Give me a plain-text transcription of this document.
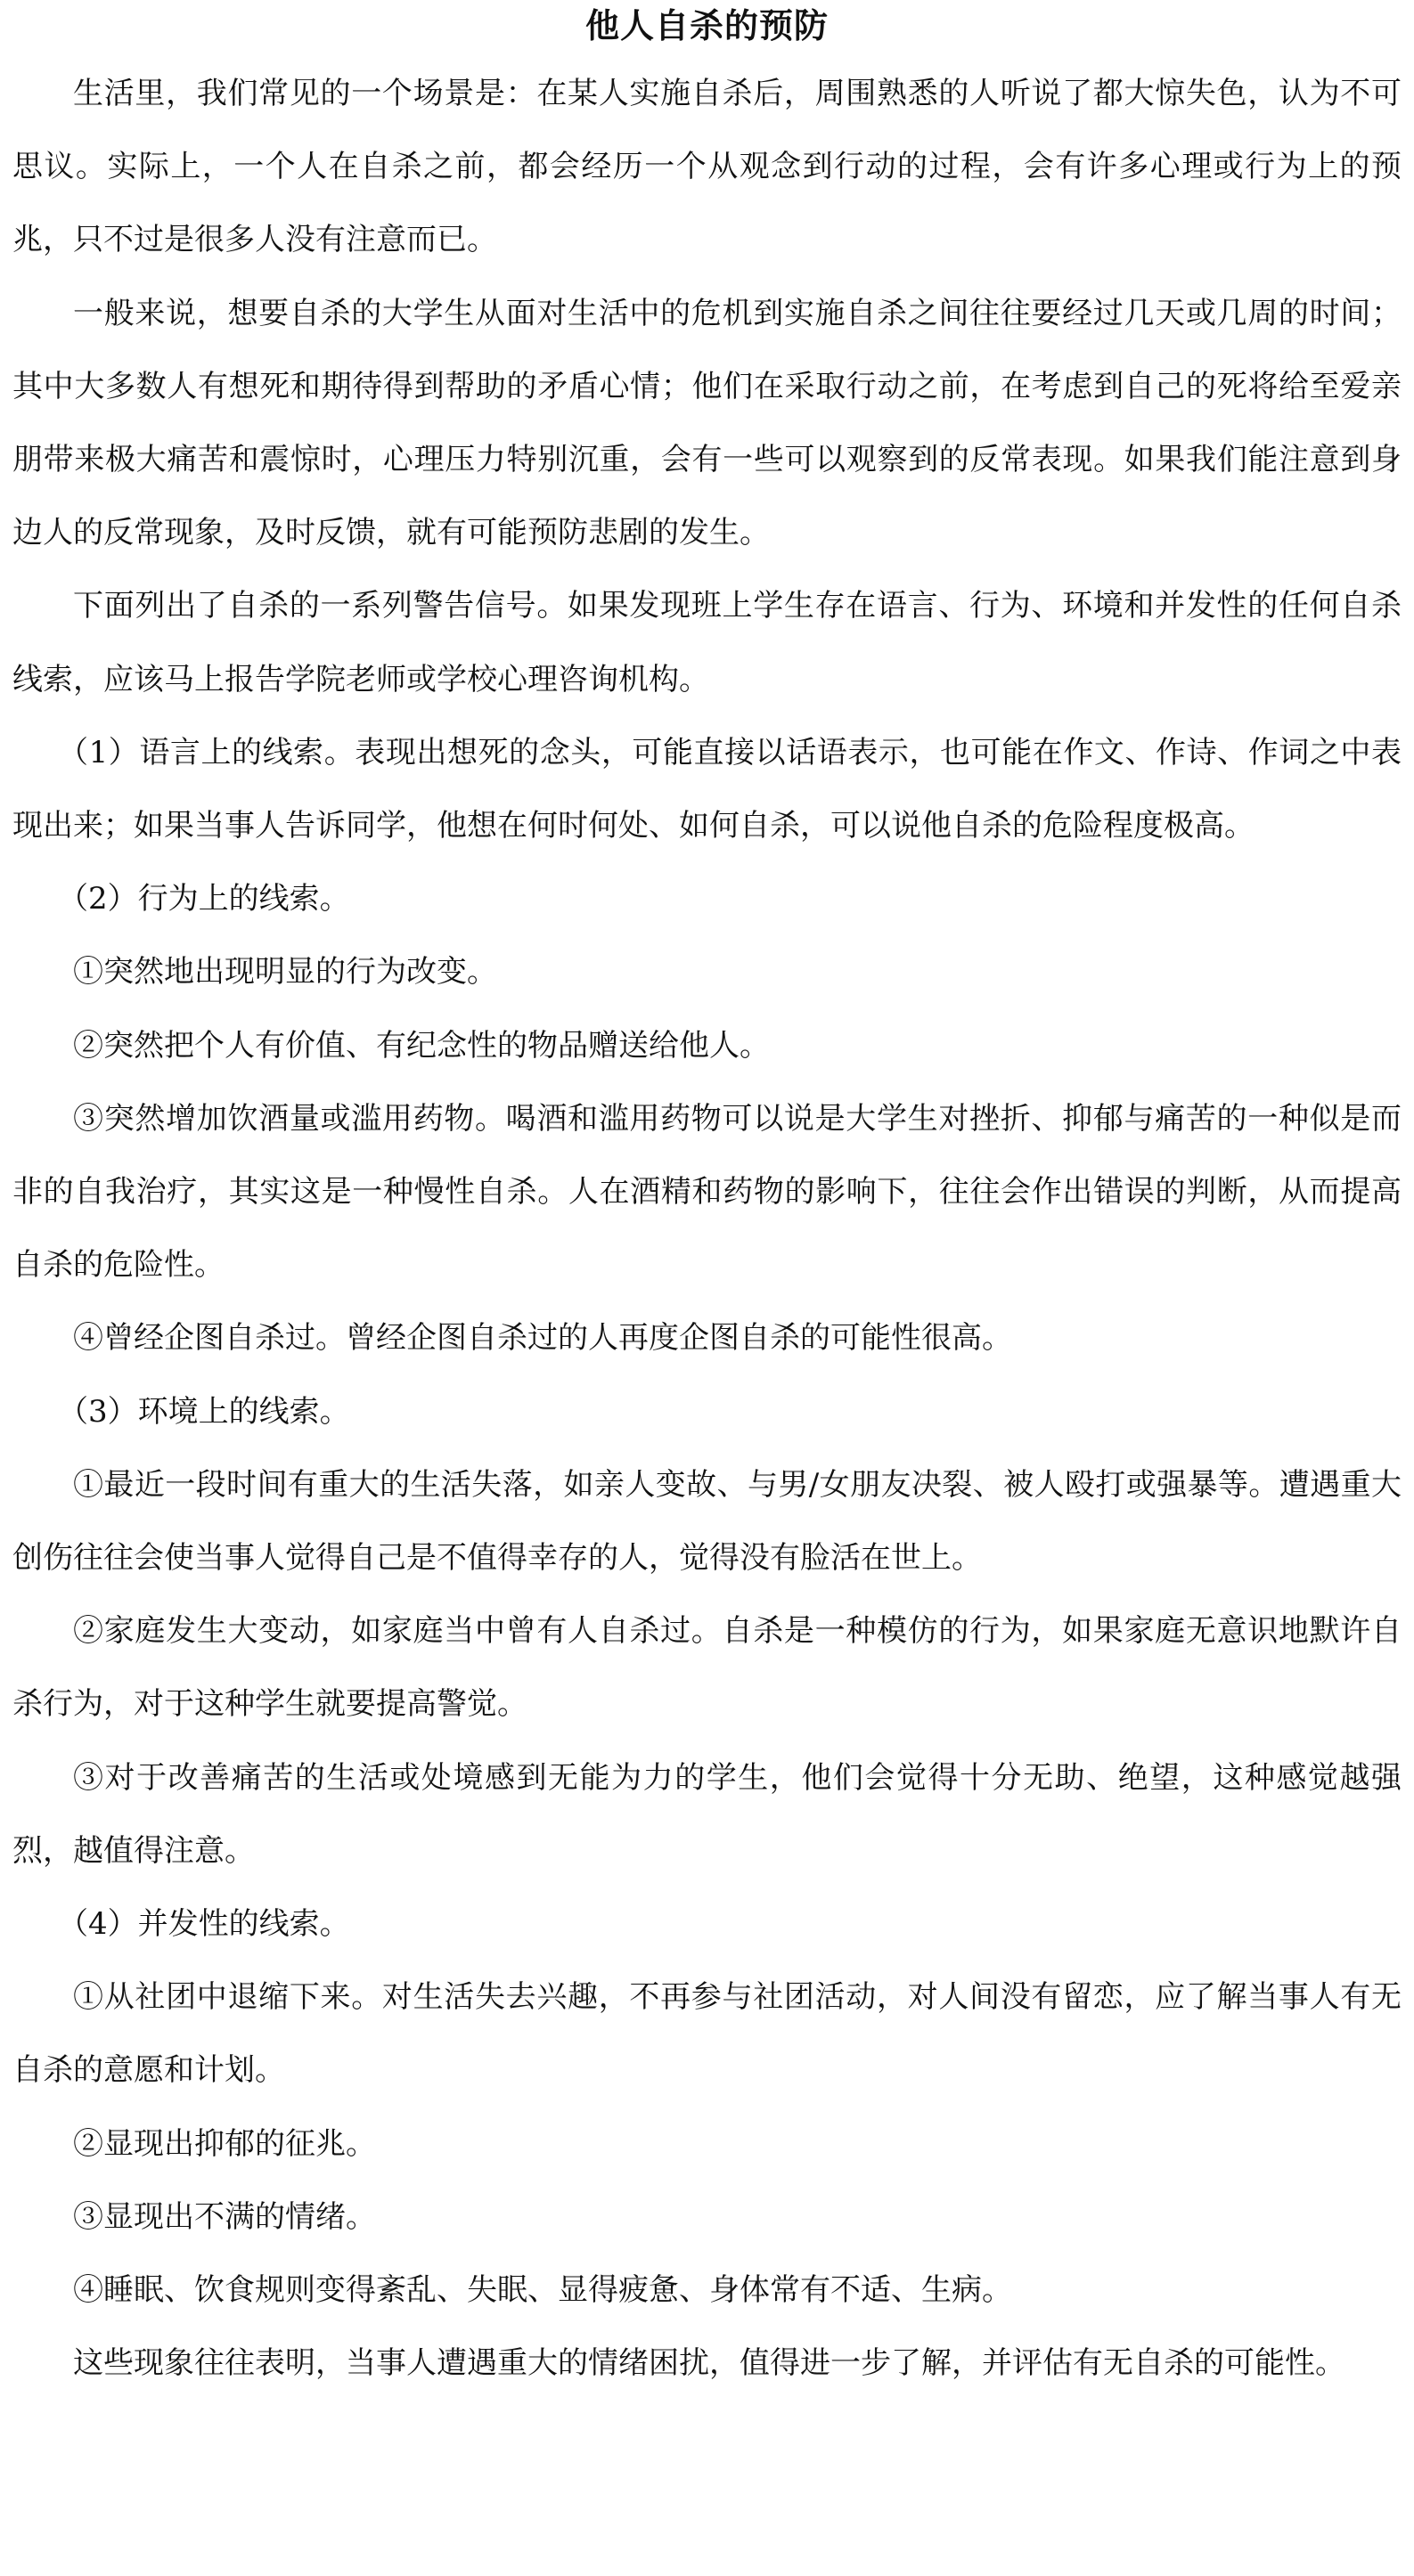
他人自杀的预防

生活里，我们常见的一个场景是：在某人实施自杀后，周围熟悉的人听说了都大惊失色，认为不可思议。实际上，一个人在自杀之前，都会经历一个从观念到行动的过程，会有许多心理或行为上的预兆，只不过是很多人没有注意而已。

一般来说，想要自杀的大学生从面对生活中的危机到实施自杀之间往往要经过几天或几周的时间；其中大多数人有想死和期待得到帮助的矛盾心情；他们在采取行动之前，在考虑到自己的死将给至爱亲朋带来极大痛苦和震惊时，心理压力特别沉重，会有一些可以观察到的反常表现。如果我们能注意到身边人的反常现象，及时反馈，就有可能预防悲剧的发生。

下面列出了自杀的一系列警告信号。如果发现班上学生存在语言、行为、环境和并发性的任何自杀线索，应该马上报告学院老师或学校心理咨询机构。

（1）语言上的线索。表现出想死的念头，可能直接以话语表示，也可能在作文、作诗、作词之中表现出来；如果当事人告诉同学，他想在何时何处、如何自杀，可以说他自杀的危险程度极高。

（2）行为上的线索。

①突然地出现明显的行为改变。

②突然把个人有价值、有纪念性的物品赠送给他人。

③突然增加饮酒量或滥用药物。喝酒和滥用药物可以说是大学生对挫折、抑郁与痛苦的一种似是而非的自我治疗，其实这是一种慢性自杀。人在酒精和药物的影响下，往往会作出错误的判断，从而提高自杀的危险性。

④曾经企图自杀过。曾经企图自杀过的人再度企图自杀的可能性很高。

（3）环境上的线索。

①最近一段时间有重大的生活失落，如亲人变故、与男/女朋友决裂、被人殴打或强暴等。遭遇重大创伤往往会使当事人觉得自己是不值得幸存的人，觉得没有脸活在世上。

②家庭发生大变动，如家庭当中曾有人自杀过。自杀是一种模仿的行为，如果家庭无意识地默许自杀行为，对于这种学生就要提高警觉。

③对于改善痛苦的生活或处境感到无能为力的学生，他们会觉得十分无助、绝望，这种感觉越强烈，越值得注意。

（4）并发性的线索。

①从社团中退缩下来。对生活失去兴趣，不再参与社团活动，对人间没有留恋，应了解当事人有无自杀的意愿和计划。

②显现出抑郁的征兆。

③显现出不满的情绪。

④睡眠、饮食规则变得紊乱、失眠、显得疲惫、身体常有不适、生病。

这些现象往往表明，当事人遭遇重大的情绪困扰，值得进一步了解，并评估有无自杀的可能性。
